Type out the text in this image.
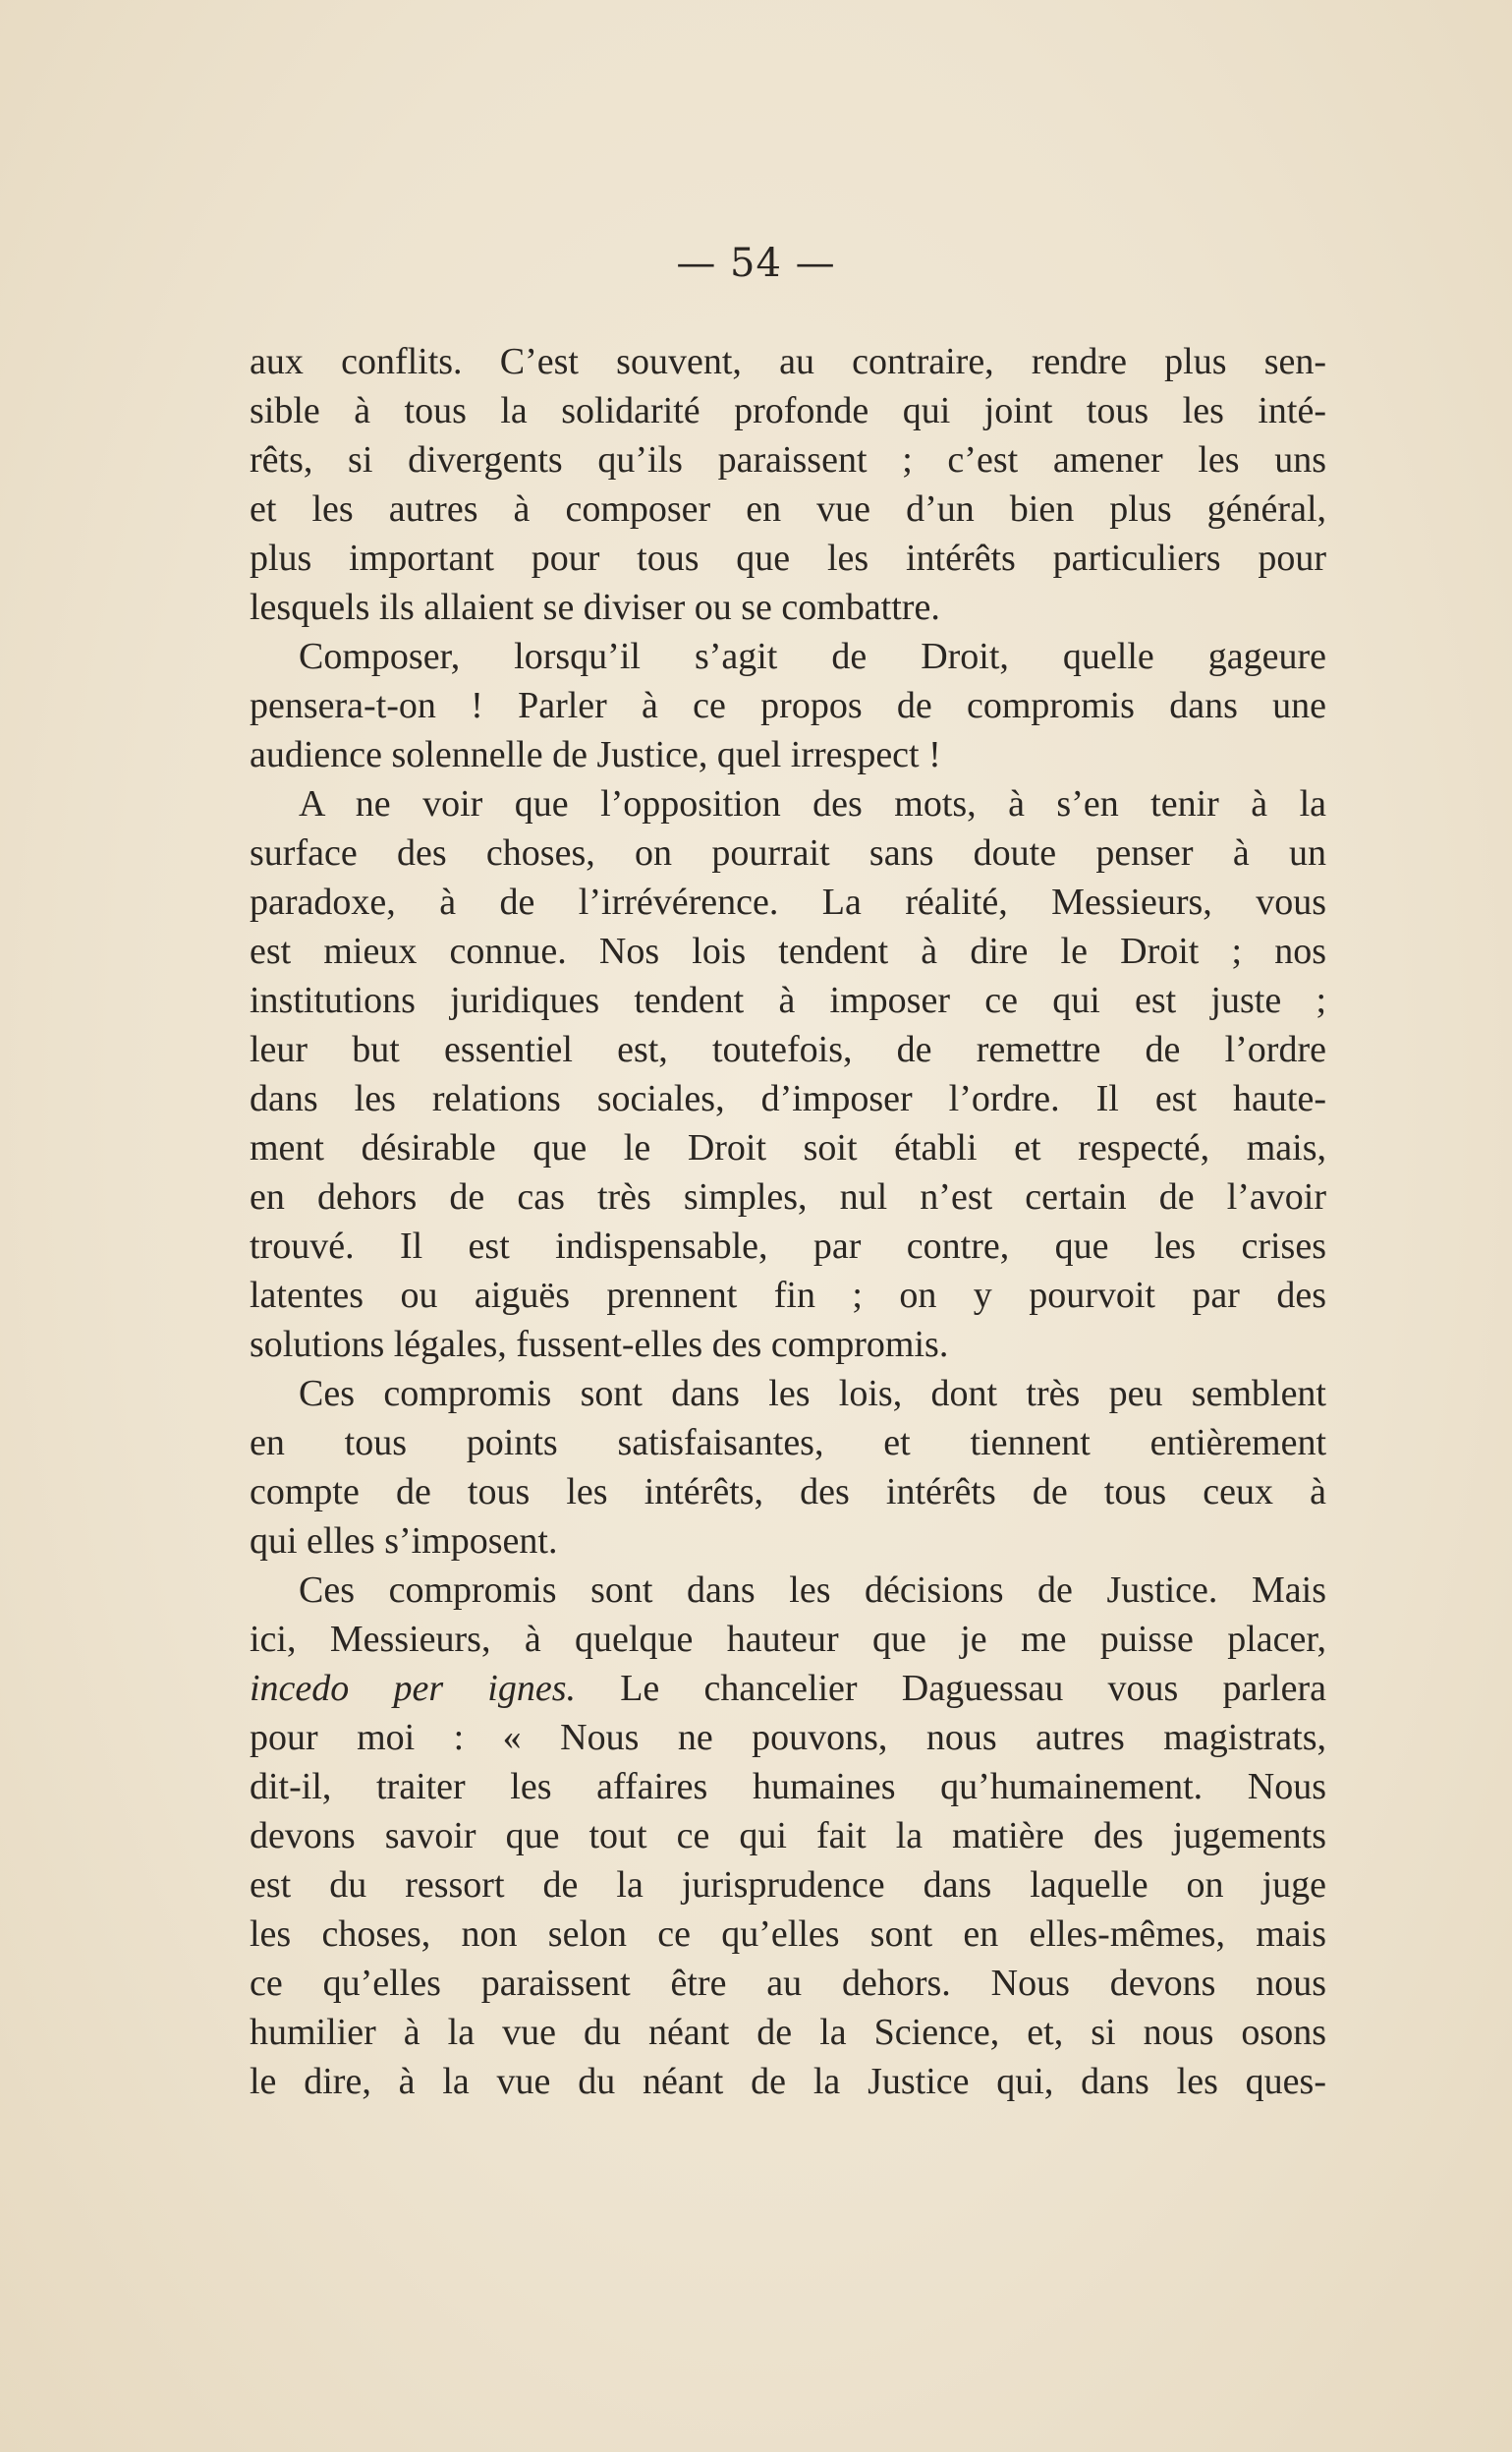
— 54 —
aux conflits. C’est souvent, au contraire, rendre plus sen-
sible à tous la solidarité profonde qui joint tous les inté-
rêts, si divergents qu’ils paraissent ; c’est amener les uns
et les autres à composer en vue d’un bien plus général,
plus important pour tous que les intérêts particuliers pour
lesquels ils allaient se diviser ou se combattre.
Composer, lorsqu’il s’agit de Droit, quelle gageure
pensera-t-on ! Parler à ce propos de compromis dans une
audience solennelle de Justice, quel irrespect !
A ne voir que l’opposition des mots, à s’en tenir à la
surface des choses, on pourrait sans doute penser à un
paradoxe, à de l’irrévérence. La réalité, Messieurs, vous
est mieux connue. Nos lois tendent à dire le Droit ; nos
institutions juridiques tendent à imposer ce qui est juste ;
leur but essentiel est, toutefois, de remettre de l’ordre
dans les relations sociales, d’imposer l’ordre. Il est haute-
ment désirable que le Droit soit établi et respecté, mais,
en dehors de cas très simples, nul n’est certain de l’avoir
trouvé. Il est indispensable, par contre, que les crises
latentes ou aiguës prennent fin ; on y pourvoit par des
solutions légales, fussent-elles des compromis.
Ces compromis sont dans les lois, dont très peu semblent
en tous points satisfaisantes, et tiennent entièrement
compte de tous les intérêts, des intérêts de tous ceux à
qui elles s’imposent.
Ces compromis sont dans les décisions de Justice. Mais
ici, Messieurs, à quelque hauteur que je me puisse placer,
incedo per ignes. Le chancelier Daguessau vous parlera
pour moi : « Nous ne pouvons, nous autres magistrats,
dit-il, traiter les affaires humaines qu’humainement. Nous
devons savoir que tout ce qui fait la matière des jugements
est du ressort de la jurisprudence dans laquelle on juge
les choses, non selon ce qu’elles sont en elles-mêmes, mais
ce qu’elles paraissent être au dehors. Nous devons nous
humilier à la vue du néant de la Science, et, si nous osons
le dire, à la vue du néant de la Justice qui, dans les ques-
